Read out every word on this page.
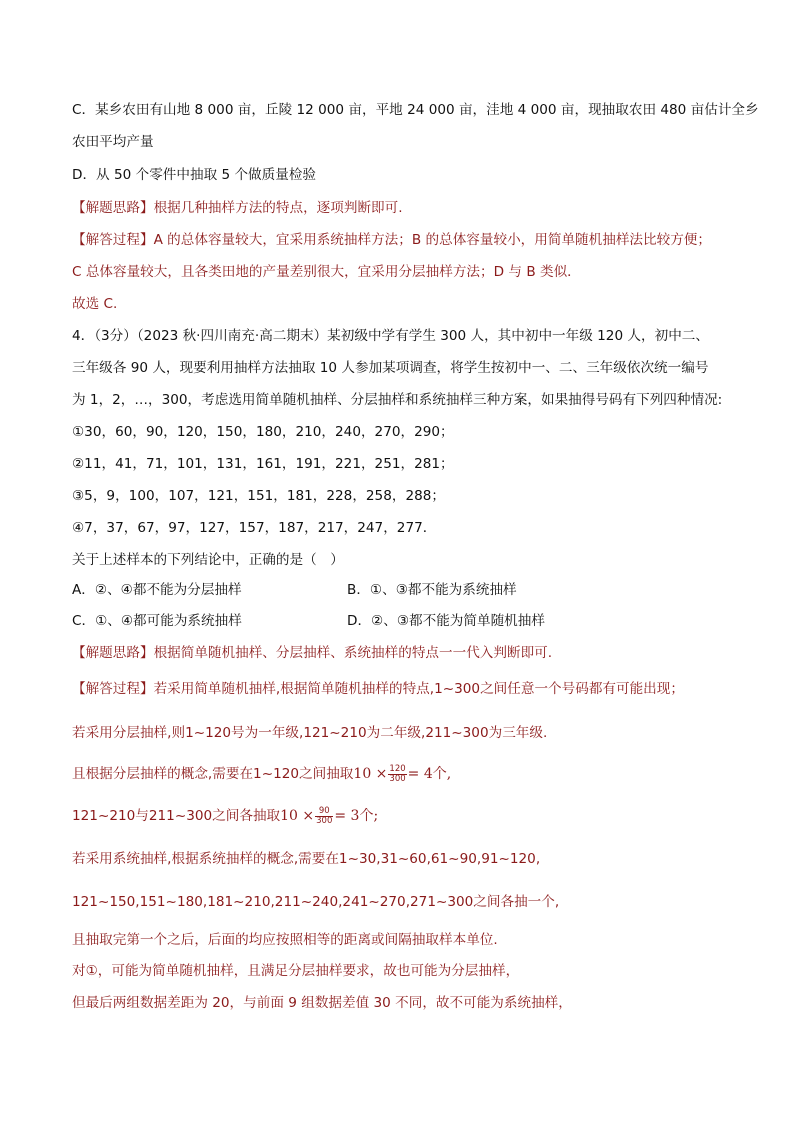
C．某乡农田有山地 8 000 亩，丘陵 12 000 亩，平地 24 000 亩，洼地 4 000 亩，现抽取农田 480 亩估计全乡
农田平均产量
D．从 50 个零件中抽取 5 个做质量检验
【解题思路】根据几种抽样方法的特点，逐项判断即可.
【解答过程】A 的总体容量较大，宜采用系统抽样方法；B 的总体容量较小，用简单随机抽样法比较方便；
C 总体容量较大，且各类田地的产量差别很大，宜采用分层抽样方法；D 与 B 类似．
故选 C.
4．（3分）（2023 秋·四川南充·高二期末）某初级中学有学生 300 人，其中初中一年级 120 人，初中二、
三年级各 90 人，现要利用抽样方法抽取 10 人参加某项调查，将学生按初中一、二、三年级依次统一编号
为 1，2，…，300，考虑选用简单随机抽样、分层抽样和系统抽样三种方案，如果抽得号码有下列四种情况:
①30，60，90，120，150，180，210，240，270，290；
②11，41，71，101，131，161，191，221，251，281；
③5，9，100，107，121，151，181，228，258，288；
④7，37，67，97，127，157，187，217，247，277．
关于上述样本的下列结论中，正确的是（　）
A．②、④都不能为分层抽样	B．①、③都不能为系统抽样
C．①、④都可能为系统抽样	D．②、③都不能为简单随机抽样
【解题思路】根据简单随机抽样、分层抽样、系统抽样的特点一一代入判断即可.
【解答过程】若采用简单随机抽样,根据简单随机抽样的特点,1~300之间任意一个号码都有可能出现；
若采用分层抽样,则1~120号为一年级,121~210为二年级,211~300为三年级.
且根据分层抽样的概念,需要在1~120之间抽取$10 \times \frac{120}{300} = 4$个,
121~210与211~300之间各抽取$10 \times \frac{90}{300} = 3$个;
若采用系统抽样,根据系统抽样的概念,需要在1~30,31~60,61~90,91~120,
121~150,151~180,181~210,211~240,241~270,271~300之间各抽一个,
且抽取完第一个之后，后面的均应按照相等的距离或间隔抽取样本单位.
对①，可能为简单随机抽样，且满足分层抽样要求，故也可能为分层抽样，
但最后两组数据差距为 20，与前面 9 组数据差值 30 不同，故不可能为系统抽样，
